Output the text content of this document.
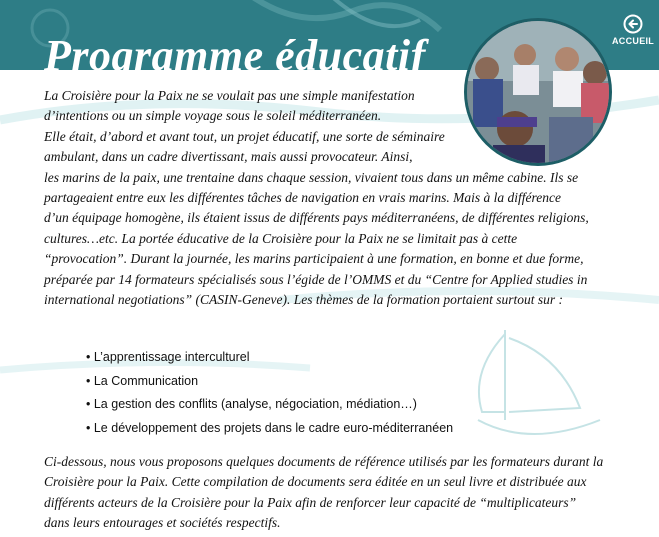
Programme éducatif	ACCUEIL

La Croisière pour la Paix ne se voulait pas une simple manifestation

d’intentions ou un simple voyage sous le soleil méditerranéen.

Elle était, d’abord et avant tout, un projet éducatif, une sorte de séminaire

ambulant, dans un cadre divertissant, mais aussi provocateur. Ainsi,

les marins de la paix, une trentaine dans chaque session, vivaient tous dans un même cabine. Ils se partageaient entre eux les différentes tâches de navigation en vrais marins. Mais à la différence d’un équipage homogène, ils étaient issus de différents pays méditerranéens, de différentes religions, cultures…etc. La portée éducative de la Croisière pour la Paix ne se limitait pas à cette “provocation”. Durant la journée, les marins participaient à une formation, en bonne et due forme, préparée par 14 formateurs spécialisés sous l’égide de l’OMMS et du “Centre for Applied studies in international negotiations” (CASIN-Geneve). Les thèmes de la formation portaient surtout sur :

• L’apprentissage interculturel
• La Communication
• La gestion des conflits (analyse, négociation, médiation…)
• Le développement des projets dans le cadre euro-méditerranéen

Ci-dessous, nous vous proposons quelques documents de référence utilisés par les formateurs durant la Croisière pour la Paix. Cette compilation de documents sera éditée en un seul livre et distribuée aux différents acteurs de la Croisière pour la Paix afin de renforcer leur capacité de “multiplicateurs” dans leurs entourages et sociétés respectifs.
